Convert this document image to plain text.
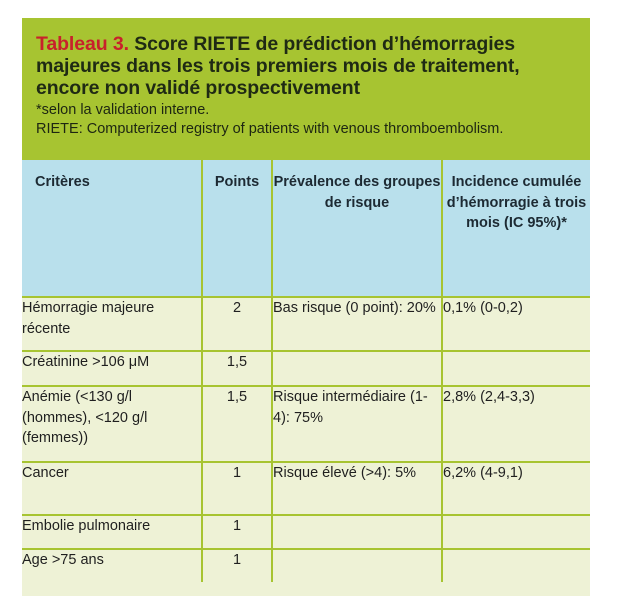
Tableau 3. Score RIETE de prédiction d’hémorragies majeures dans les trois premiers mois de traitement, encore non validé prospectivement

*selon la validation interne.

RIETE: Computerized registry of patients with venous thromboembolism.

Critères	Points	Prévalence des groupes de risque	Incidence cumulée d’hémorragie à trois mois (IC 95%)*
Hémorragie majeure récente	2	Bas risque (0 point): 20%	0,1% (0-0,2)
Créatinine >106 μM	1,5		
Anémie (<130 g/l (hommes), <120 g/l (femmes))	1,5	Risque intermédiaire (1-4): 75%	2,8% (2,4-3,3)
Cancer	1	Risque élevé (>4): 5%	6,2% (4-9,1)
Embolie pulmonaire	1		
Age >75 ans	1		
